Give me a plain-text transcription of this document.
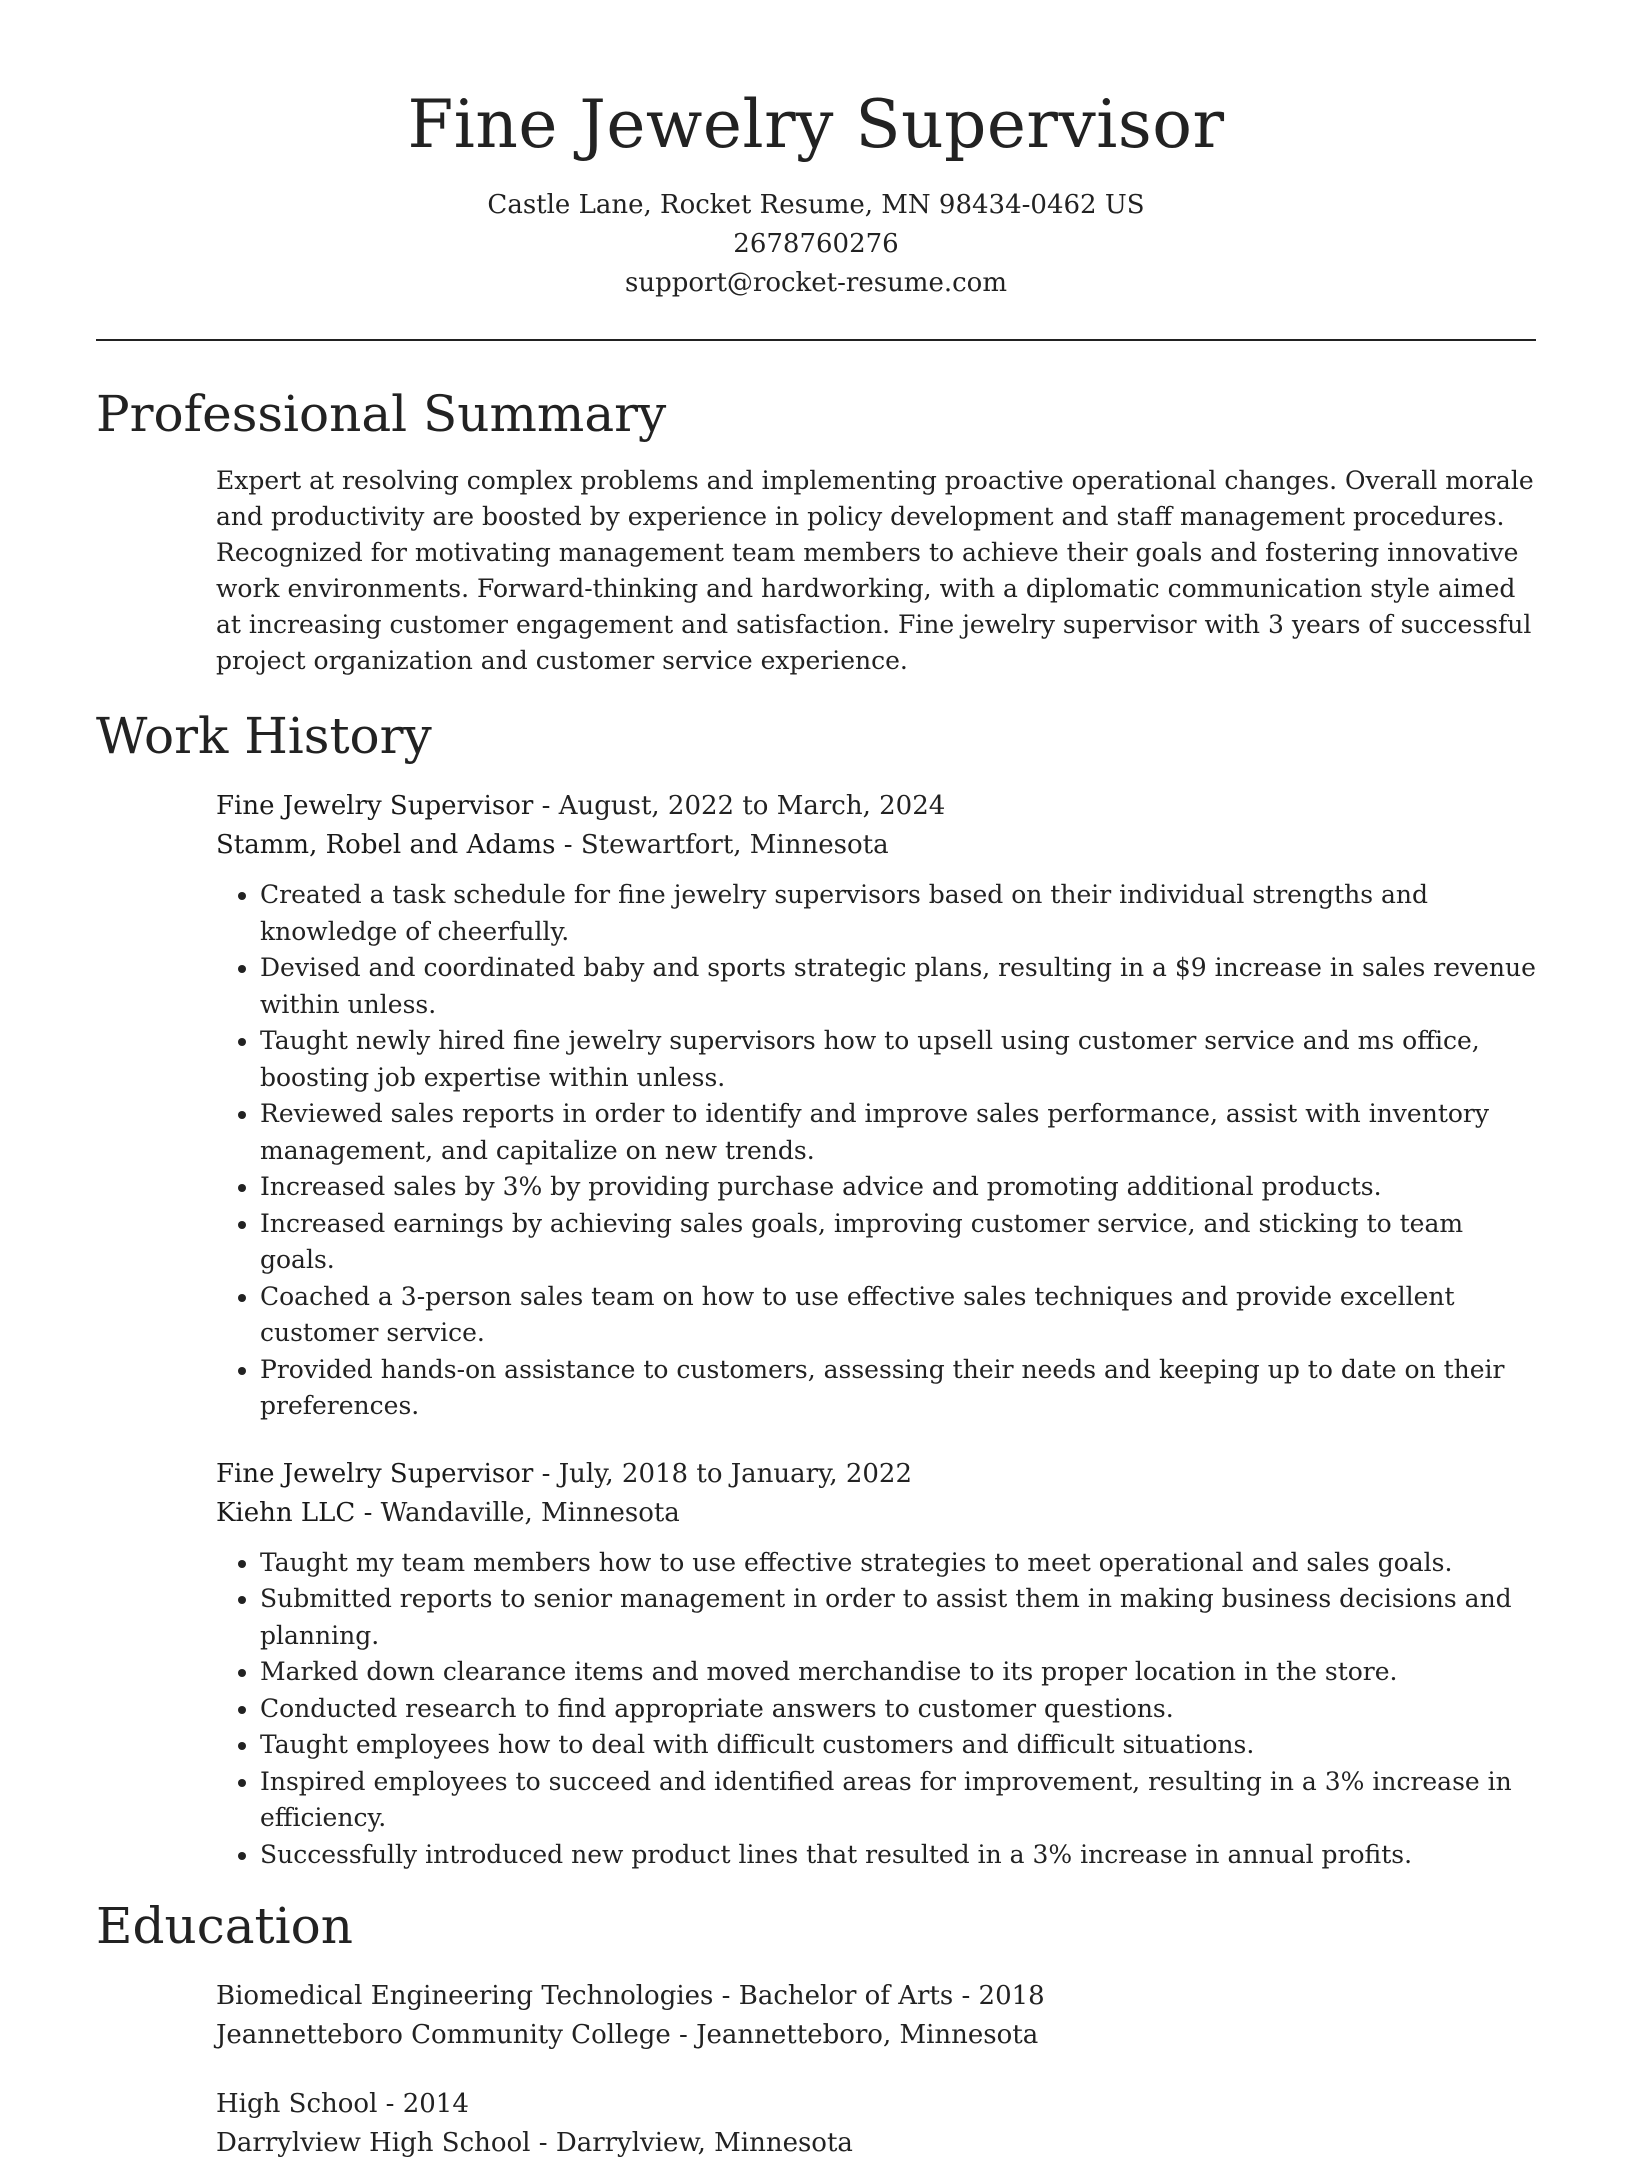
Fine Jewelry Supervisor
Castle Lane, Rocket Resume, MN 98434-0462 US
2678760276
support@rocket-resume.com
Professional Summary

Expert at resolving complex problems and implementing proactive operational changes. Overall morale and productivity are boosted by experience in policy development and staff management procedures. Recognized for motivating management team members to achieve their goals and fostering innovative work environments. Forward-thinking and hardworking, with a diplomatic communication style aimed at increasing customer engagement and satisfaction. Fine jewelry supervisor with 3 years of successful project organization and customer service experience.

Work History
Fine Jewelry Supervisor - August, 2022 to March, 2024
Stamm, Robel and Adams - Stewartfort, Minnesota
• Created a task schedule for fine jewelry supervisors based on their individual strengths and knowledge of cheerfully.
• Devised and coordinated baby and sports strategic plans, resulting in a $9 increase in sales revenue within unless.
• Taught newly hired fine jewelry supervisors how to upsell using customer service and ms office, boosting job expertise within unless.
• Reviewed sales reports in order to identify and improve sales performance, assist with inventory management, and capitalize on new trends.
• Increased sales by 3% by providing purchase advice and promoting additional products.
• Increased earnings by achieving sales goals, improving customer service, and sticking to team goals.
• Coached a 3-person sales team on how to use effective sales techniques and provide excellent customer service.
• Provided hands-on assistance to customers, assessing their needs and keeping up to date on their preferences.
Fine Jewelry Supervisor - July, 2018 to January, 2022
Kiehn LLC - Wandaville, Minnesota
• Taught my team members how to use effective strategies to meet operational and sales goals.
• Submitted reports to senior management in order to assist them in making business decisions and planning.
• Marked down clearance items and moved merchandise to its proper location in the store.
• Conducted research to find appropriate answers to customer questions.
• Taught employees how to deal with difficult customers and difficult situations.
• Inspired employees to succeed and identified areas for improvement, resulting in a 3% increase in efficiency.
• Successfully introduced new product lines that resulted in a 3% increase in annual profits.
Education
Biomedical Engineering Technologies - Bachelor of Arts - 2018
Jeannetteboro Community College - Jeannetteboro, Minnesota
High School - 2014
Darrylview High School - Darrylview, Minnesota
